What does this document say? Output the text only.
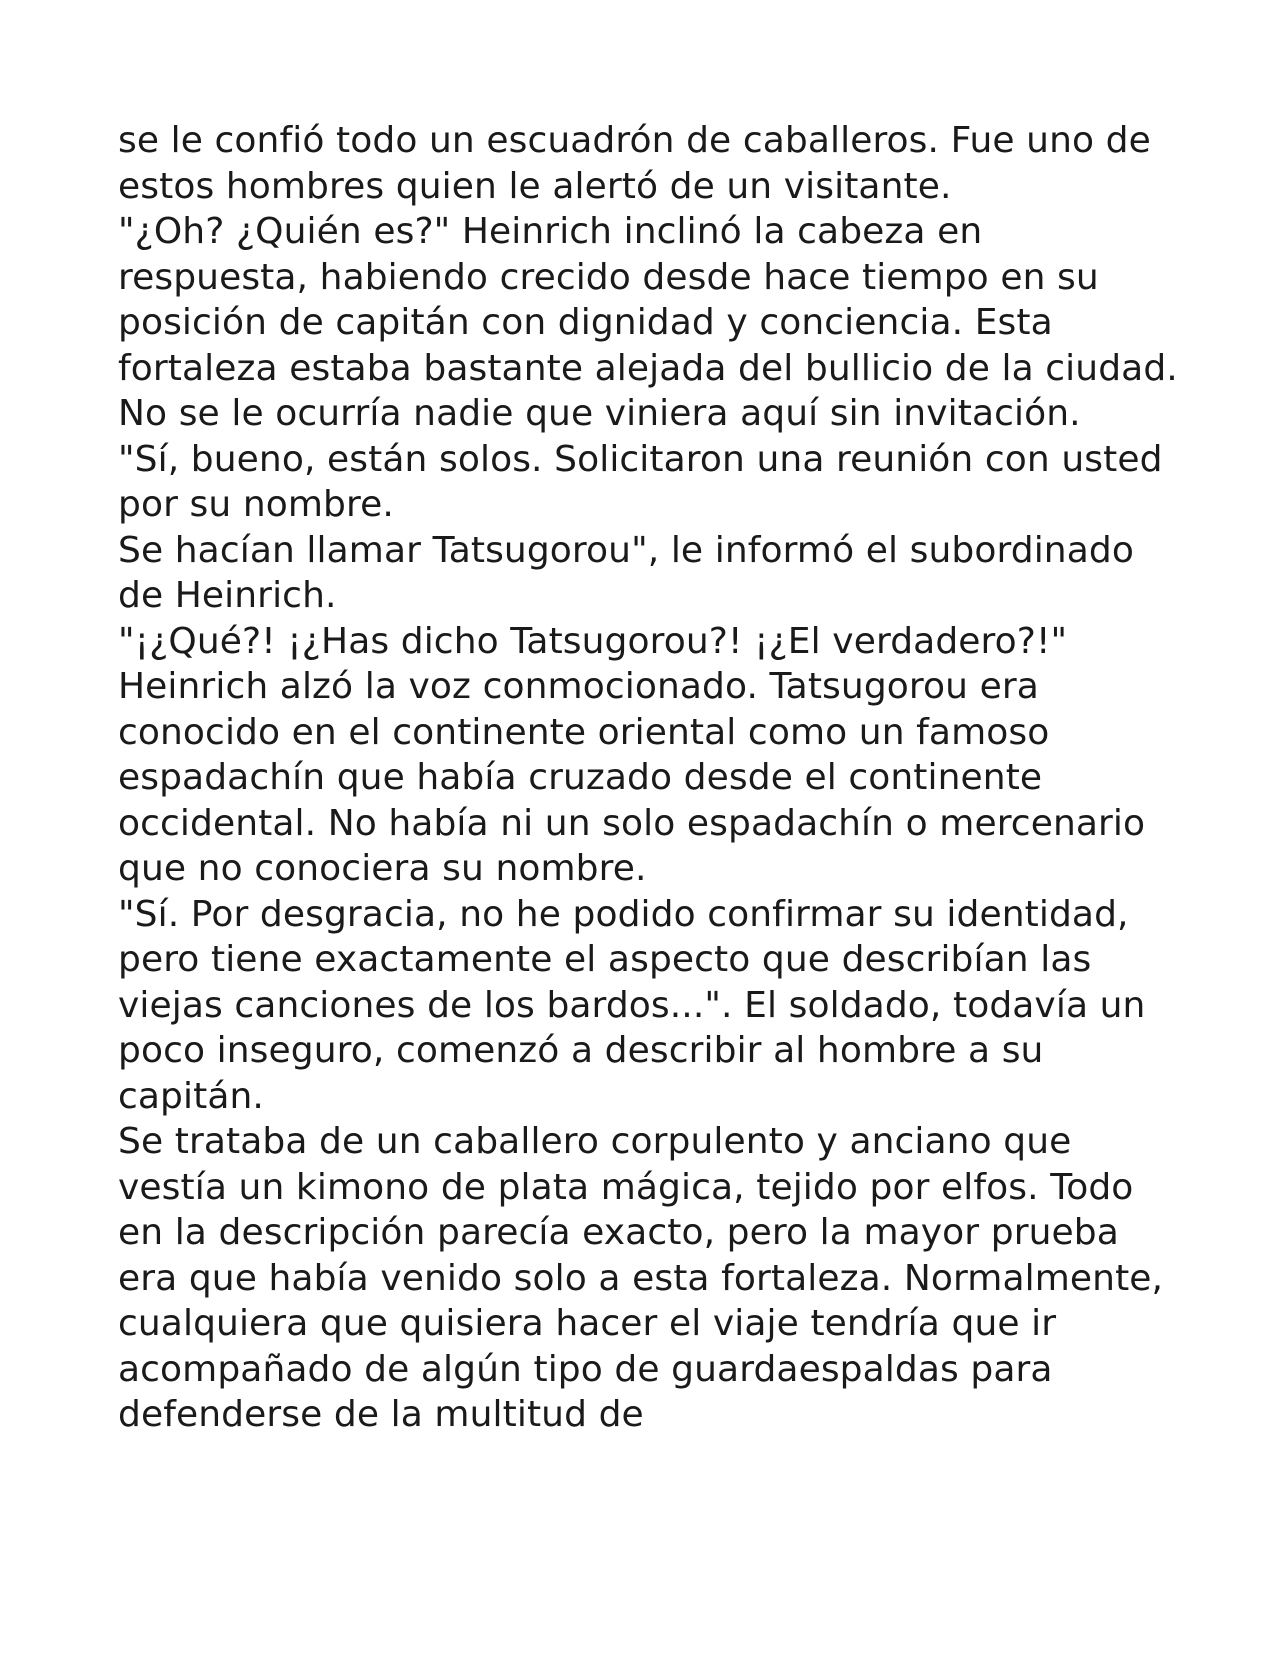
se le confió todo un escuadrón de caballeros. Fue uno de estos hombres quien le alertó de un visitante.

"¿Oh? ¿Quién es?" Heinrich inclinó la cabeza en respuesta, habiendo crecido desde hace tiempo en su posición de capitán con dignidad y conciencia. Esta fortaleza estaba bastante alejada del bullicio de la ciudad. No se le ocurría nadie que viniera aquí sin invitación.

"Sí, bueno, están solos. Solicitaron una reunión con usted por su nombre.

Se hacían llamar Tatsugorou", le informó el subordinado de Heinrich.

"¡¿Qué?! ¡¿Has dicho Tatsugorou?! ¡¿El verdadero?!" Heinrich alzó la voz conmocionado. Tatsugorou era conocido en el continente oriental como un famoso espadachín que había cruzado desde el continente occidental. No había ni un solo espadachín o mercenario que no conociera su nombre.

"Sí. Por desgracia, no he podido confirmar su identidad, pero tiene exactamente el aspecto que describían las viejas canciones de los bardos...". El soldado, todavía un poco inseguro, comenzó a describir al hombre a su capitán.

Se trataba de un caballero corpulento y anciano que vestía un kimono de plata mágica, tejido por elfos. Todo en la descripción parecía exacto, pero la mayor prueba era que había venido solo a esta fortaleza. Normalmente, cualquiera que quisiera hacer el viaje tendría que ir acompañado de algún tipo de guardaespaldas para defenderse de la multitud de
